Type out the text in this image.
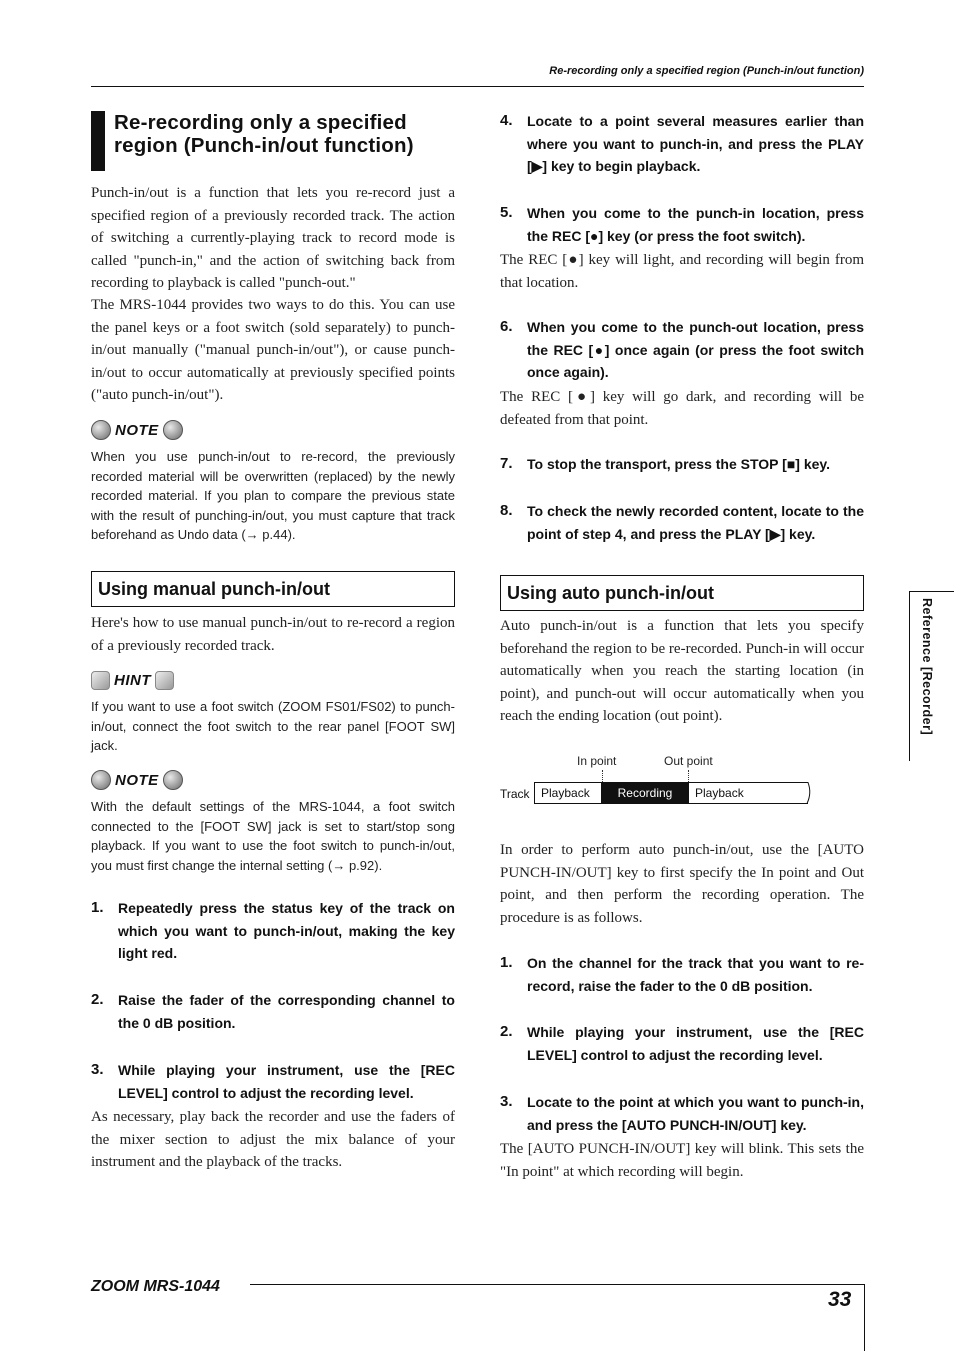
Re-recording only a specified region (Punch-in/out function)
Re-recording only a specified
region (Punch-in/out function)
Punch-in/out is a function that lets you re-record just a specified region of a previously recorded track. The action of switching a currently-playing track to record mode is called "punch-in," and the action of switching back from recording to playback is called "punch-out."
The MRS-1044 provides two ways to do this. You can use the panel keys or a foot switch (sold separately) to punch-in/out manually ("manual punch-in/out"), or cause punch-in/out to occur automatically at previously specified points ("auto punch-in/out").
NOTE
When you use punch-in/out to re-record, the previously recorded material will be overwritten (replaced) by the newly recorded material. If you plan to compare the previous state with the result of punching-in/out, you must capture that track beforehand as Undo data (→ p.44).
Using manual punch-in/out
Here's how to use manual punch-in/out to re-record a region of a previously recorded track.
HINT
If you want to use a foot switch (ZOOM FS01/FS02) to punch-in/out, connect the foot switch to the rear panel [FOOT SW] jack.
NOTE
With the default settings of the MRS-1044, a foot switch connected to the [FOOT SW] jack is set to start/stop song playback. If you want to use the foot switch to punch-in/out, you must first change the internal setting (→ p.92).
1. Repeatedly press the status key of the track on which you want to punch-in/out, making the key light red.
2. Raise the fader of the corresponding channel to the 0 dB position.
3. While playing your instrument, use the [REC LEVEL] control to adjust the recording level.
As necessary, play back the recorder and use the faders of the mixer section to adjust the mix balance of your instrument and the playback of the tracks.
4. Locate to a point several measures earlier than where you want to punch-in, and press the PLAY [▶] key to begin playback.
5. When you come to the punch-in location, press the REC [●] key (or press the foot switch).
The REC [●] key will light, and recording will begin from that location.
6. When you come to the punch-out location, press the REC [●] once again (or press the foot switch once again).
The REC [●] key will go dark, and recording will be defeated from that point.
7. To stop the transport, press the STOP [■] key.
8. To check the newly recorded content, locate to the point of step 4, and press the PLAY [▶] key.
Using auto punch-in/out
Auto punch-in/out is a function that lets you specify beforehand the region to be re-recorded. Punch-in will occur automatically when you reach the starting location (in point), and punch-out will occur automatically when you reach the ending location (out point).
In point	Out point
Track Playback	Recording	Playback
In order to perform auto punch-in/out, use the [AUTO PUNCH-IN/OUT] key to first specify the In point and Out point, and then perform the recording operation. The procedure is as follows.
1. On the channel for the track that you want to re-record, raise the fader to the 0 dB position.
2. While playing your instrument, use the [REC LEVEL] control to adjust the recording level.
3. Locate to the point at which you want to punch-in, and press the [AUTO PUNCH-IN/OUT] key.
The [AUTO PUNCH-IN/OUT] key will blink. This sets the "In point" at which recording will begin.
Reference [Recorder]
ZOOM MRS-1044
33
